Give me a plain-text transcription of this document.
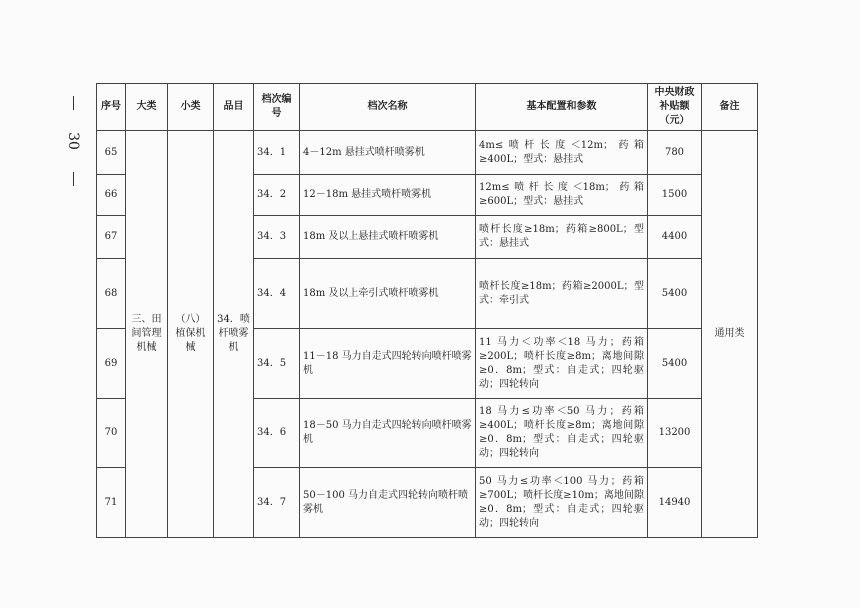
30
序号	大类	小类	品目	档次编号	档次名称	基本配置和参数	中央财政补贴额（元）	备注
65	三、田间管理机械	（八）植保机械	34．喷杆喷雾机	34．1	4－12m 悬挂式喷杆喷雾机	4m≤喷杆长度＜12m；药箱≥400L；型式：悬挂式	780	通用类
66				34．2	12－18m 悬挂式喷杆喷雾机	12m≤喷杆长度＜18m；药箱≥600L；型式：悬挂式	1500	
67				34．3	18m 及以上悬挂式喷杆喷雾机	喷杆长度≥18m；药箱≥800L；型式：悬挂式	4400	
68				34．4	18m 及以上牵引式喷杆喷雾机	喷杆长度≥18m；药箱≥2000L；型式：牵引式	5400	
69				34．5	11－18 马力自走式四轮转向喷杆喷雾机	11 马力＜功率＜18 马力；药箱≥200L；喷杆长度≥8m；离地间隙≥0．8m；型式：自走式；四轮驱动；四轮转向	5400	
70				34．6	18－50 马力自走式四轮转向喷杆喷雾机	18 马力≤功率＜50 马力；药箱≥400L；喷杆长度≥8m；离地间隙≥0．8m；型式：自走式；四轮驱动；四轮转向	13200	
71				34．7	50－100 马力自走式四轮转向喷杆喷雾机	50 马力≤功率＜100 马力；药箱≥700L；喷杆长度≥10m；离地间隙≥0．8m；型式：自走式；四轮驱动；四轮转向	14940	
